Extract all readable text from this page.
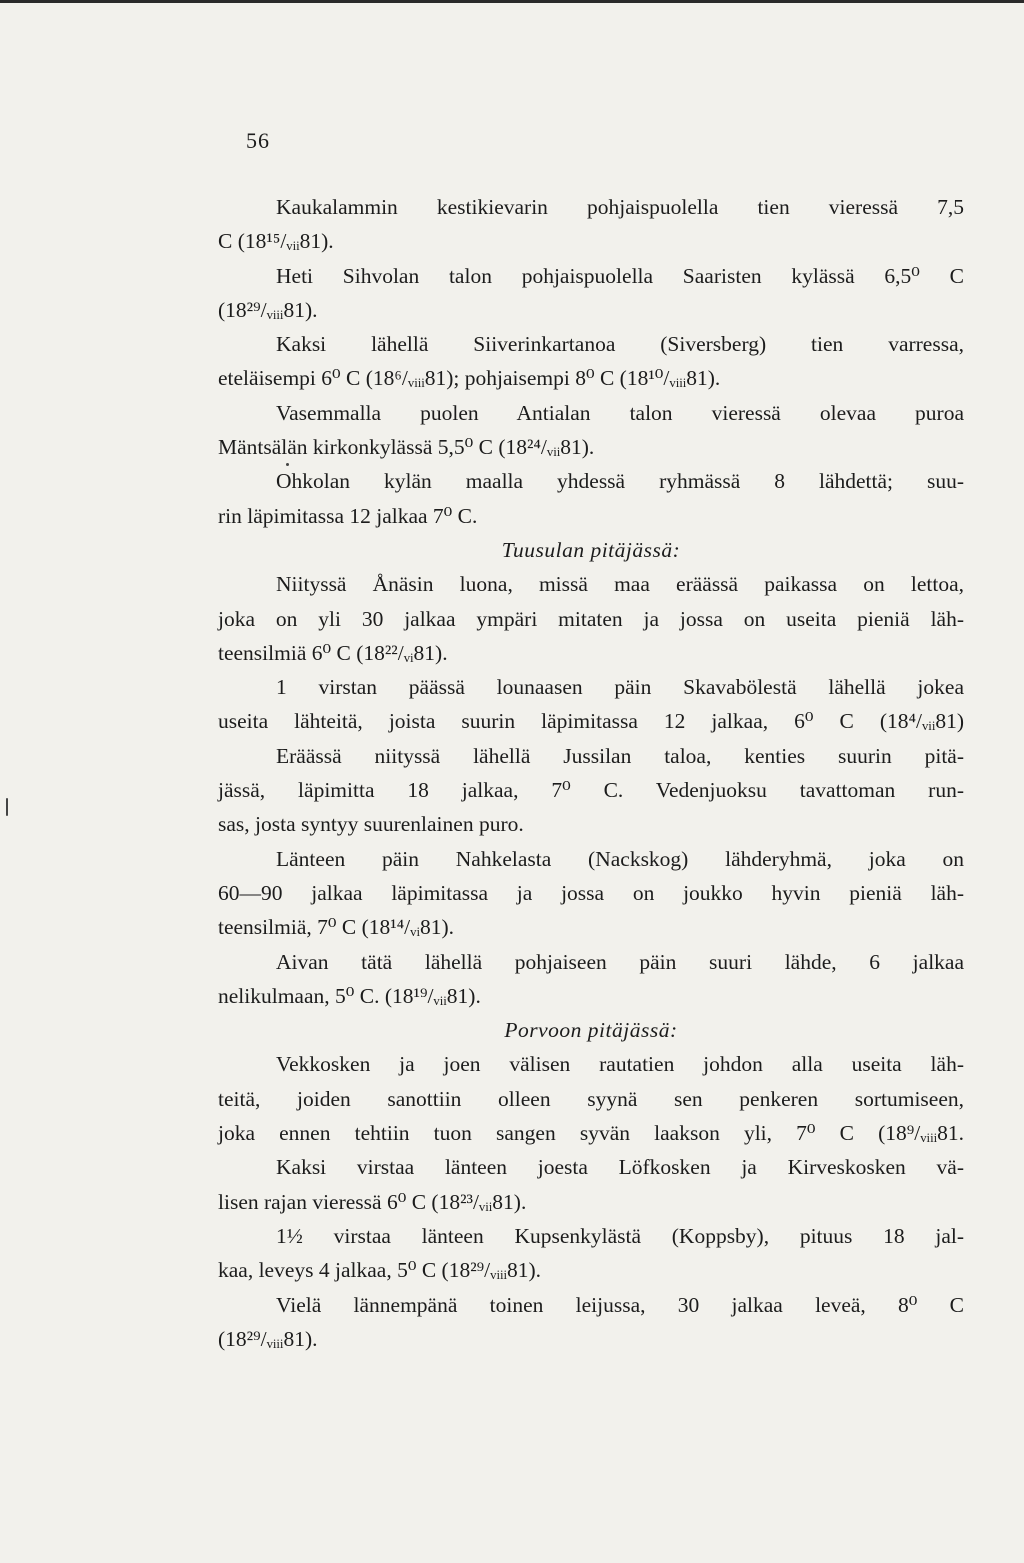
56
Kaukalammin kestikievarin pohjaispuolella tien vieressä 7,5
C (18¹⁵/ᵥᵢᵢ81).
Heti Sihvolan talon pohjaispuolella Saaristen kylässä 6,5⁰ C
(18²⁹/ᵥᵢᵢᵢ81).
Kaksi lähellä Siiverinkartanoa (Siversberg) tien varressa,
eteläisempi 6⁰ C (18⁶/ᵥᵢᵢᵢ81); pohjaisempi 8⁰ C (18¹⁰/ᵥᵢᵢᵢ81).
Vasemmalla puolen Antialan talon vieressä olevaa puroa
Mäntsälän kirkonkylässä 5,5⁰ C (18²⁴/ᵥᵢᵢ81).
Ohkolan kylän maalla yhdessä ryhmässä 8 lähdettä; suu-
rin läpimitassa 12 jalkaa 7⁰ C.
Tuusulan pitäjässä:
Niityssä Ånäsin luona, missä maa eräässä paikassa on lettoa,
joka on yli 30 jalkaa ympäri mitaten ja jossa on useita pieniä läh-
teensilmiä 6⁰ C (18²²/ᵥᵢ81).
1 virstan päässä lounaasen päin Skavabölestä lähellä jokea
useita lähteitä, joista suurin läpimitassa 12 jalkaa, 6⁰ C (18⁴/ᵥᵢᵢ81)
Eräässä niityssä lähellä Jussilan taloa, kenties suurin pitä-
jässä, läpimitta 18 jalkaa, 7⁰ C. Vedenjuoksu tavattoman run-
sas, josta syntyy suurenlainen puro.
Länteen päin Nahkelasta (Nackskog) lähderyhmä, joka on
60—90 jalkaa läpimitassa ja jossa on joukko hyvin pieniä läh-
teensilmiä, 7⁰ C (18¹⁴/ᵥᵢ81).
Aivan tätä lähellä pohjaiseen päin suuri lähde, 6 jalkaa
nelikulmaan, 5⁰ C. (18¹⁹/ᵥᵢᵢ81).
Porvoon pitäjässä:
Vekkosken ja joen välisen rautatien johdon alla useita läh-
teitä, joiden sanottiin olleen syynä sen penkeren sortumiseen,
joka ennen tehtiin tuon sangen syvän laakson yli, 7⁰ C (18⁹/ᵥᵢᵢᵢ81.
Kaksi virstaa länteen joesta Löfkosken ja Kirveskosken vä-
lisen rajan vieressä 6⁰ C (18²³/ᵥᵢᵢ81).
1½ virstaa länteen Kupsenkylästä (Koppsby), pituus 18 jal-
kaa, leveys 4 jalkaa, 5⁰ C (18²⁹/ᵥᵢᵢᵢ81).
Vielä lännempänä toinen leijussa, 30 jalkaa leveä, 8⁰ C
(18²⁹/ᵥᵢᵢᵢ81).
